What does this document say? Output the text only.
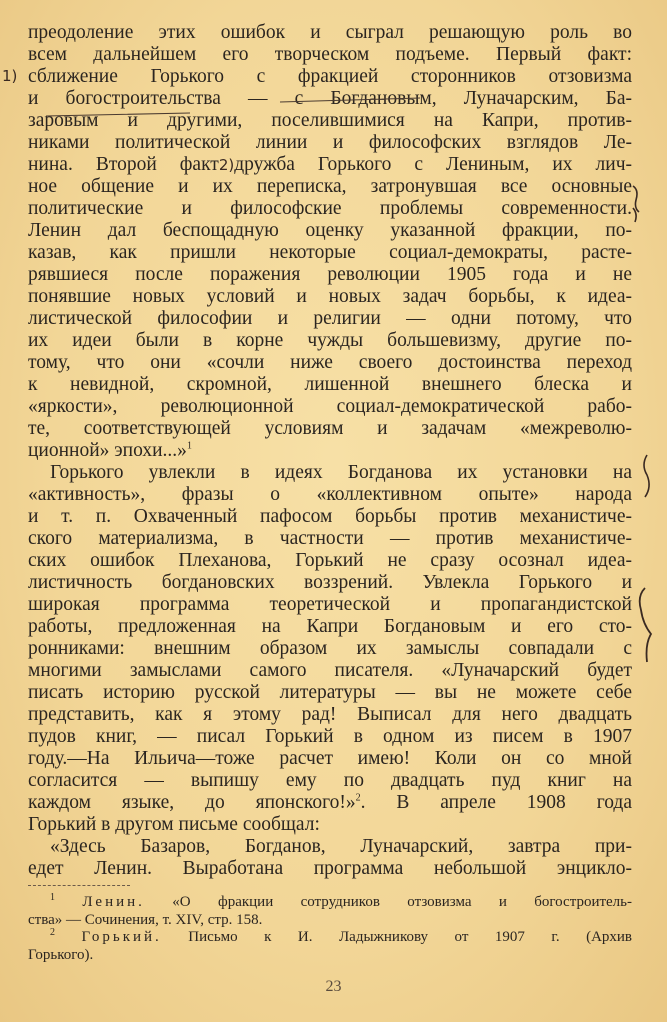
преодоление этих ошибок и сыграл решающую роль во
всем дальнейшем его творческом подъеме. Первый факт:
сближение Горького с фракцией сторонников отзовизма
и богостроительства — с Богдановым, Луначарским, Ба-
заровым и другими, поселившимися на Капри, против-
никами политической линии и философских взглядов Ле-
нина. Второй факт2)дружба Горького с Лениным, их лич-
ное общение и их переписка, затронувшая все основные
политические и философские проблемы современности.
Ленин дал беспощадную оценку указанной фракции, по-
казав, как пришли некоторые социал-демократы, расте-
рявшиеся после поражения революции 1905 года и не
понявшие новых условий и новых задач борьбы, к идеа-
листической философии и религии — одни потому, что
их идеи были в корне чужды большевизму, другие по-
тому, что они «сочли ниже своего достоинства переход
к невидной, скромной, лишенной внешнего блеска и
«яркости», революционной социал-демократической рабо-
те, соответствующей условиям и задачам «межреволю-
ционной» эпохи...»$^1$
Горького увлекли в идеях Богданова их установки на
«активность», фразы о «коллективном опыте» народа
и т. п. Охваченный пафосом борьбы против механистиче-
ского материализма, в частности — против механистиче-
ских ошибок Плеханова, Горький не сразу осознал идеа-
листичность богдановских воззрений. Увлекла Горького и
широкая программа теоретической и пропагандистской
работы, предложенная на Капри Богдановым и его сто-
ронниками: внешним образом их замыслы совпадали с
многими замыслами самого писателя. «Луначарский будет
писать историю русской литературы — вы не можете себе
представить, как я этому рад! Выписал для него двадцать
пудов книг, — писал Горький в одном из писем в 1907
году.—На Ильича—тоже расчет имею! Коли он со мной
согласится — выпишу ему по двадцать пуд книг на
каждом языке, до японского!»$^2$. В апреле 1908 года
Горький в другом письме сообщал:
«Здесь Базаров, Богданов, Луначарский, завтра при-
едет Ленин. Выработана программа небольшой энцикло-
1)
$^1$ Ленин. «О фракции сотрудников отзовизма и богостроитель-
ства» — Сочинения, т. XIV, стр. 158.
$^2$ Горький. Письмо к И. Ладыжникову от 1907 г. (Архив
Горького).
23
